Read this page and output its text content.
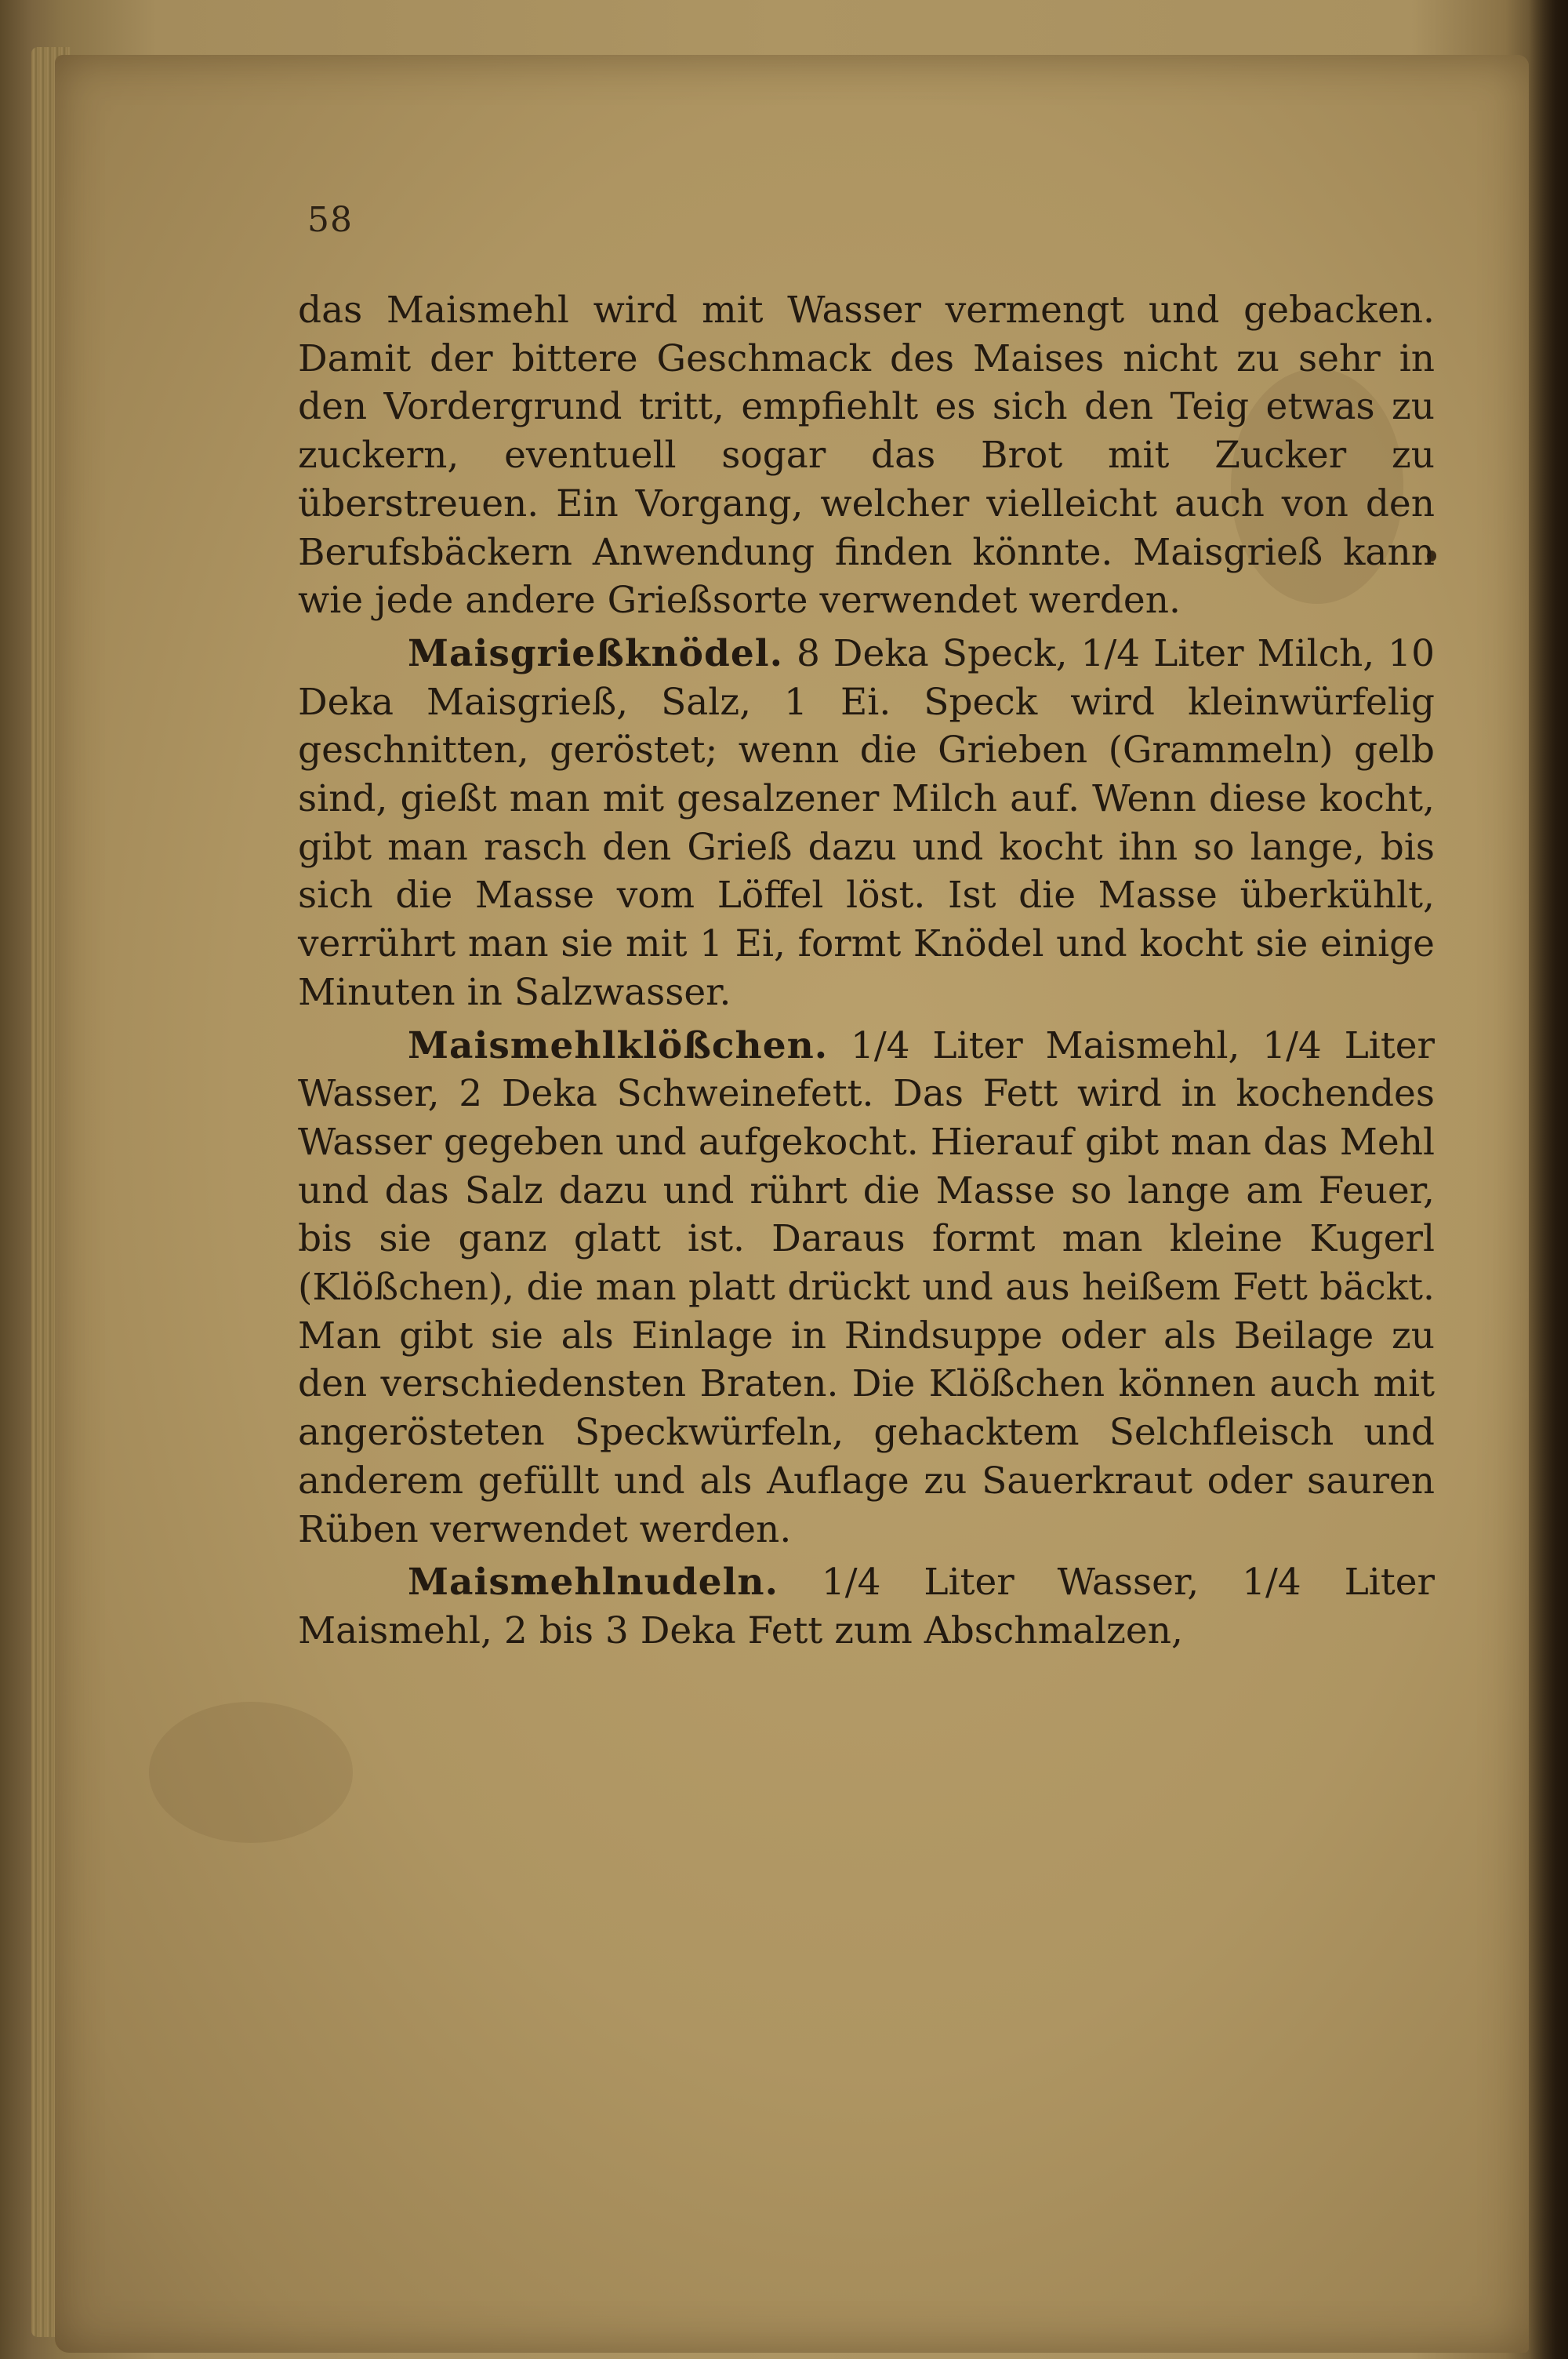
58

das Maismehl wird mit Wasser vermengt und gebacken. Damit der bittere Geschmack des Maises nicht zu sehr in den Vordergrund tritt, empfiehlt es sich den Teig etwas zu zuckern, eventuell sogar das Brot mit Zucker zu überstreuen. Ein Vorgang, welcher vielleicht auch von den Berufsbäckern Anwendung finden könnte. Maisgrieß kann wie jede andere Grießsorte verwendet werden.

Maisgrießknödel. 8 Deka Speck, 1/4 Liter Milch, 10 Deka Maisgrieß, Salz, 1 Ei. Speck wird kleinwürfelig geschnitten, geröstet; wenn die Grieben (Grammeln) gelb sind, gießt man mit gesalzener Milch auf. Wenn diese kocht, gibt man rasch den Grieß dazu und kocht ihn so lange, bis sich die Masse vom Löffel löst. Ist die Masse überkühlt, verrührt man sie mit 1 Ei, formt Knödel und kocht sie einige Minuten in Salzwasser.

Maismehlklößchen. 1/4 Liter Maismehl, 1/4 Liter Wasser, 2 Deka Schweinefett. Das Fett wird in kochendes Wasser gegeben und aufgekocht. Hierauf gibt man das Mehl und das Salz dazu und rührt die Masse so lange am Feuer, bis sie ganz glatt ist. Daraus formt man kleine Kugerl (Klößchen), die man platt drückt und aus heißem Fett bäckt. Man gibt sie als Einlage in Rindsuppe oder als Beilage zu den verschiedensten Braten. Die Klößchen können auch mit angerösteten Speckwürfeln, gehacktem Selchfleisch und anderem gefüllt und als Auflage zu Sauerkraut oder sauren Rüben verwendet werden.

Maismehlnudeln. 1/4 Liter Wasser, 1/4 Liter Maismehl, 2 bis 3 Deka Fett zum Abschmalzen,
